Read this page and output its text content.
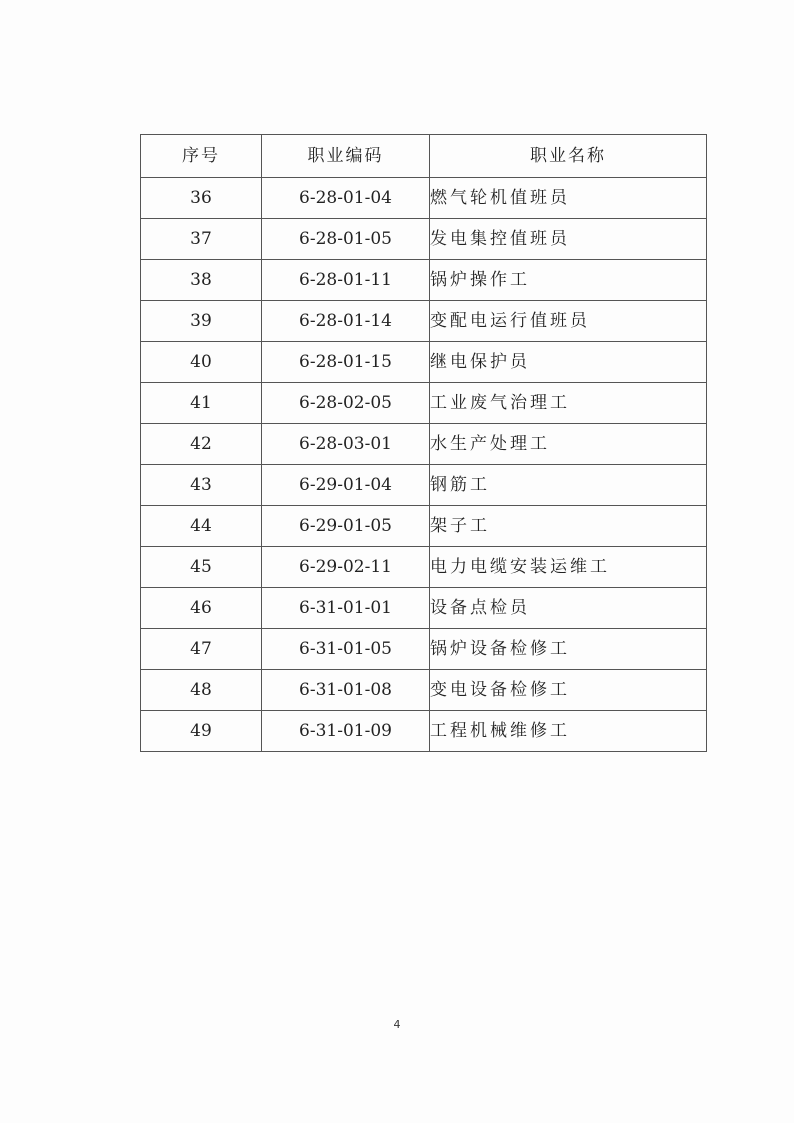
序号	职业编码	职业名称
36	6-28-01-04	燃气轮机值班员
37	6-28-01-05	发电集控值班员
38	6-28-01-11	锅炉操作工
39	6-28-01-14	变配电运行值班员
40	6-28-01-15	继电保护员
41	6-28-02-05	工业废气治理工
42	6-28-03-01	水生产处理工
43	6-29-01-04	钢筋工
44	6-29-01-05	架子工
45	6-29-02-11	电力电缆安装运维工
46	6-31-01-01	设备点检员
47	6-31-01-05	锅炉设备检修工
48	6-31-01-08	变电设备检修工
49	6-31-01-09	工程机械维修工
4
